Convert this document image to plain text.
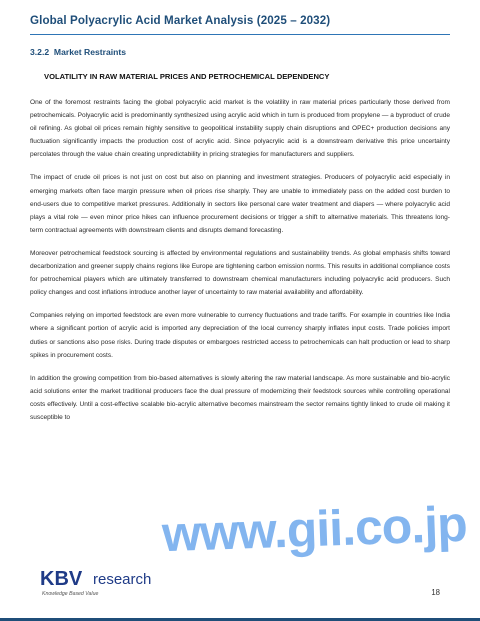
Global Polyacrylic Acid Market Analysis (2025 – 2032)
3.2.2 Market Restraints
VOLATILITY IN RAW MATERIAL PRICES AND PETROCHEMICAL DEPENDENCY

One of the foremost restraints facing the global polyacrylic acid market is the volatility in raw material prices particularly those derived from petrochemicals. Polyacrylic acid is predominantly synthesized using acrylic acid which in turn is produced from propylene — a byproduct of crude oil refining. As global oil prices remain highly sensitive to geopolitical instability supply chain disruptions and OPEC+ production decisions any fluctuation significantly impacts the production cost of acrylic acid. Since polyacrylic acid is a downstream derivative this price uncertainty percolates through the value chain creating unpredictability in pricing strategies for manufacturers and suppliers.

The impact of crude oil prices is not just on cost but also on planning and investment strategies. Producers of polyacrylic acid especially in emerging markets often face margin pressure when oil prices rise sharply. They are unable to immediately pass on the added cost burden to end-users due to competitive market pressures. Additionally in sectors like personal care water treatment and diapers — where polyacrylic acid plays a vital role — even minor price hikes can influence procurement decisions or trigger a shift to alternative materials. This threatens long-term contractual agreements with downstream clients and disrupts demand forecasting.

Moreover petrochemical feedstock sourcing is affected by environmental regulations and sustainability trends. As global emphasis shifts toward decarbonization and greener supply chains regions like Europe are tightening carbon emission norms. This results in additional compliance costs for petrochemical players which are ultimately transferred to downstream chemical manufacturers including polyacrylic acid producers. Such policy changes and cost inflations introduce another layer of uncertainty to raw material availability and affordability.

Companies relying on imported feedstock are even more vulnerable to currency fluctuations and trade tariffs. For example in countries like India where a significant portion of acrylic acid is imported any depreciation of the local currency sharply inflates input costs. Trade policies import duties or sanctions also pose risks. During trade disputes or embargoes restricted access to petrochemicals can halt production or lead to sharp spikes in procurement costs.

In addition the growing competition from bio-based alternatives is slowly altering the raw material landscape. As more sustainable and bio-acrylic acid solutions enter the market traditional producers face the dual pressure of modernizing their feedstock sources while controlling operational costs effectively. Until a cost-effective scalable bio-acrylic alternative becomes mainstream the sector remains tightly linked to crude oil making it susceptible to

www.gii.co.jp
KBV research
Knowledge Based Value	18
